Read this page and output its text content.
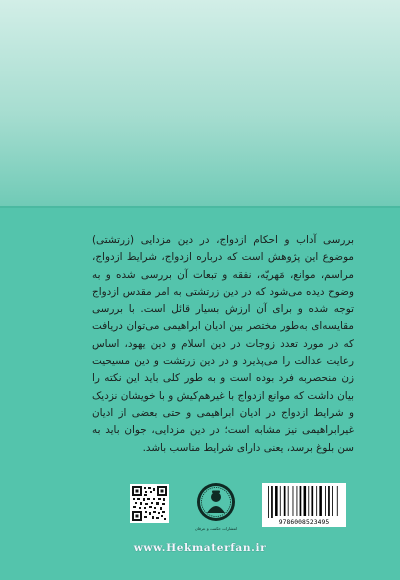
بررسی آداب و احکام ازدواج، در دین مزدایی (زرتشتی) موضوع این پژوهش است که درباره ازدواج، شرایط ازدواج، مراسم، موانع، مَهریّه، نفقه و تبعات آن بررسی شده و به وضوح دیده می‌شود که در دین زرتشتی به امر مقدس ازدواج توجه شده و برای آن ارزش بسیار قائل است. با بررسی مقایسه‌ای به‌طور مختصر بین ادیان ابراهیمی می‌توان دریافت که در مورد تعدد زوجات در دین اسلام و دین یهود، اساس رعایت عدالت را می‌پذیرد و در دین زرتشت و دین مسیحیت زن منحصربه فرد بوده است و به طور کلی باید این نکته را بیان داشت که موانع ازدواج با غیرهم‌کیش و با خویشان نزدیک و شرایط ازدواج در ادیان ابراهیمی و حتی بعضی از ادیان غیرابراهیمی نیز مشابه است؛ در دین مزدایی، جوان باید به سن بلوغ برسد، یعنی دارای شرایط مناسب باشد.

انتشارات حکمت و عرفان
9786008523495
www.Hekmaterfan.ir
